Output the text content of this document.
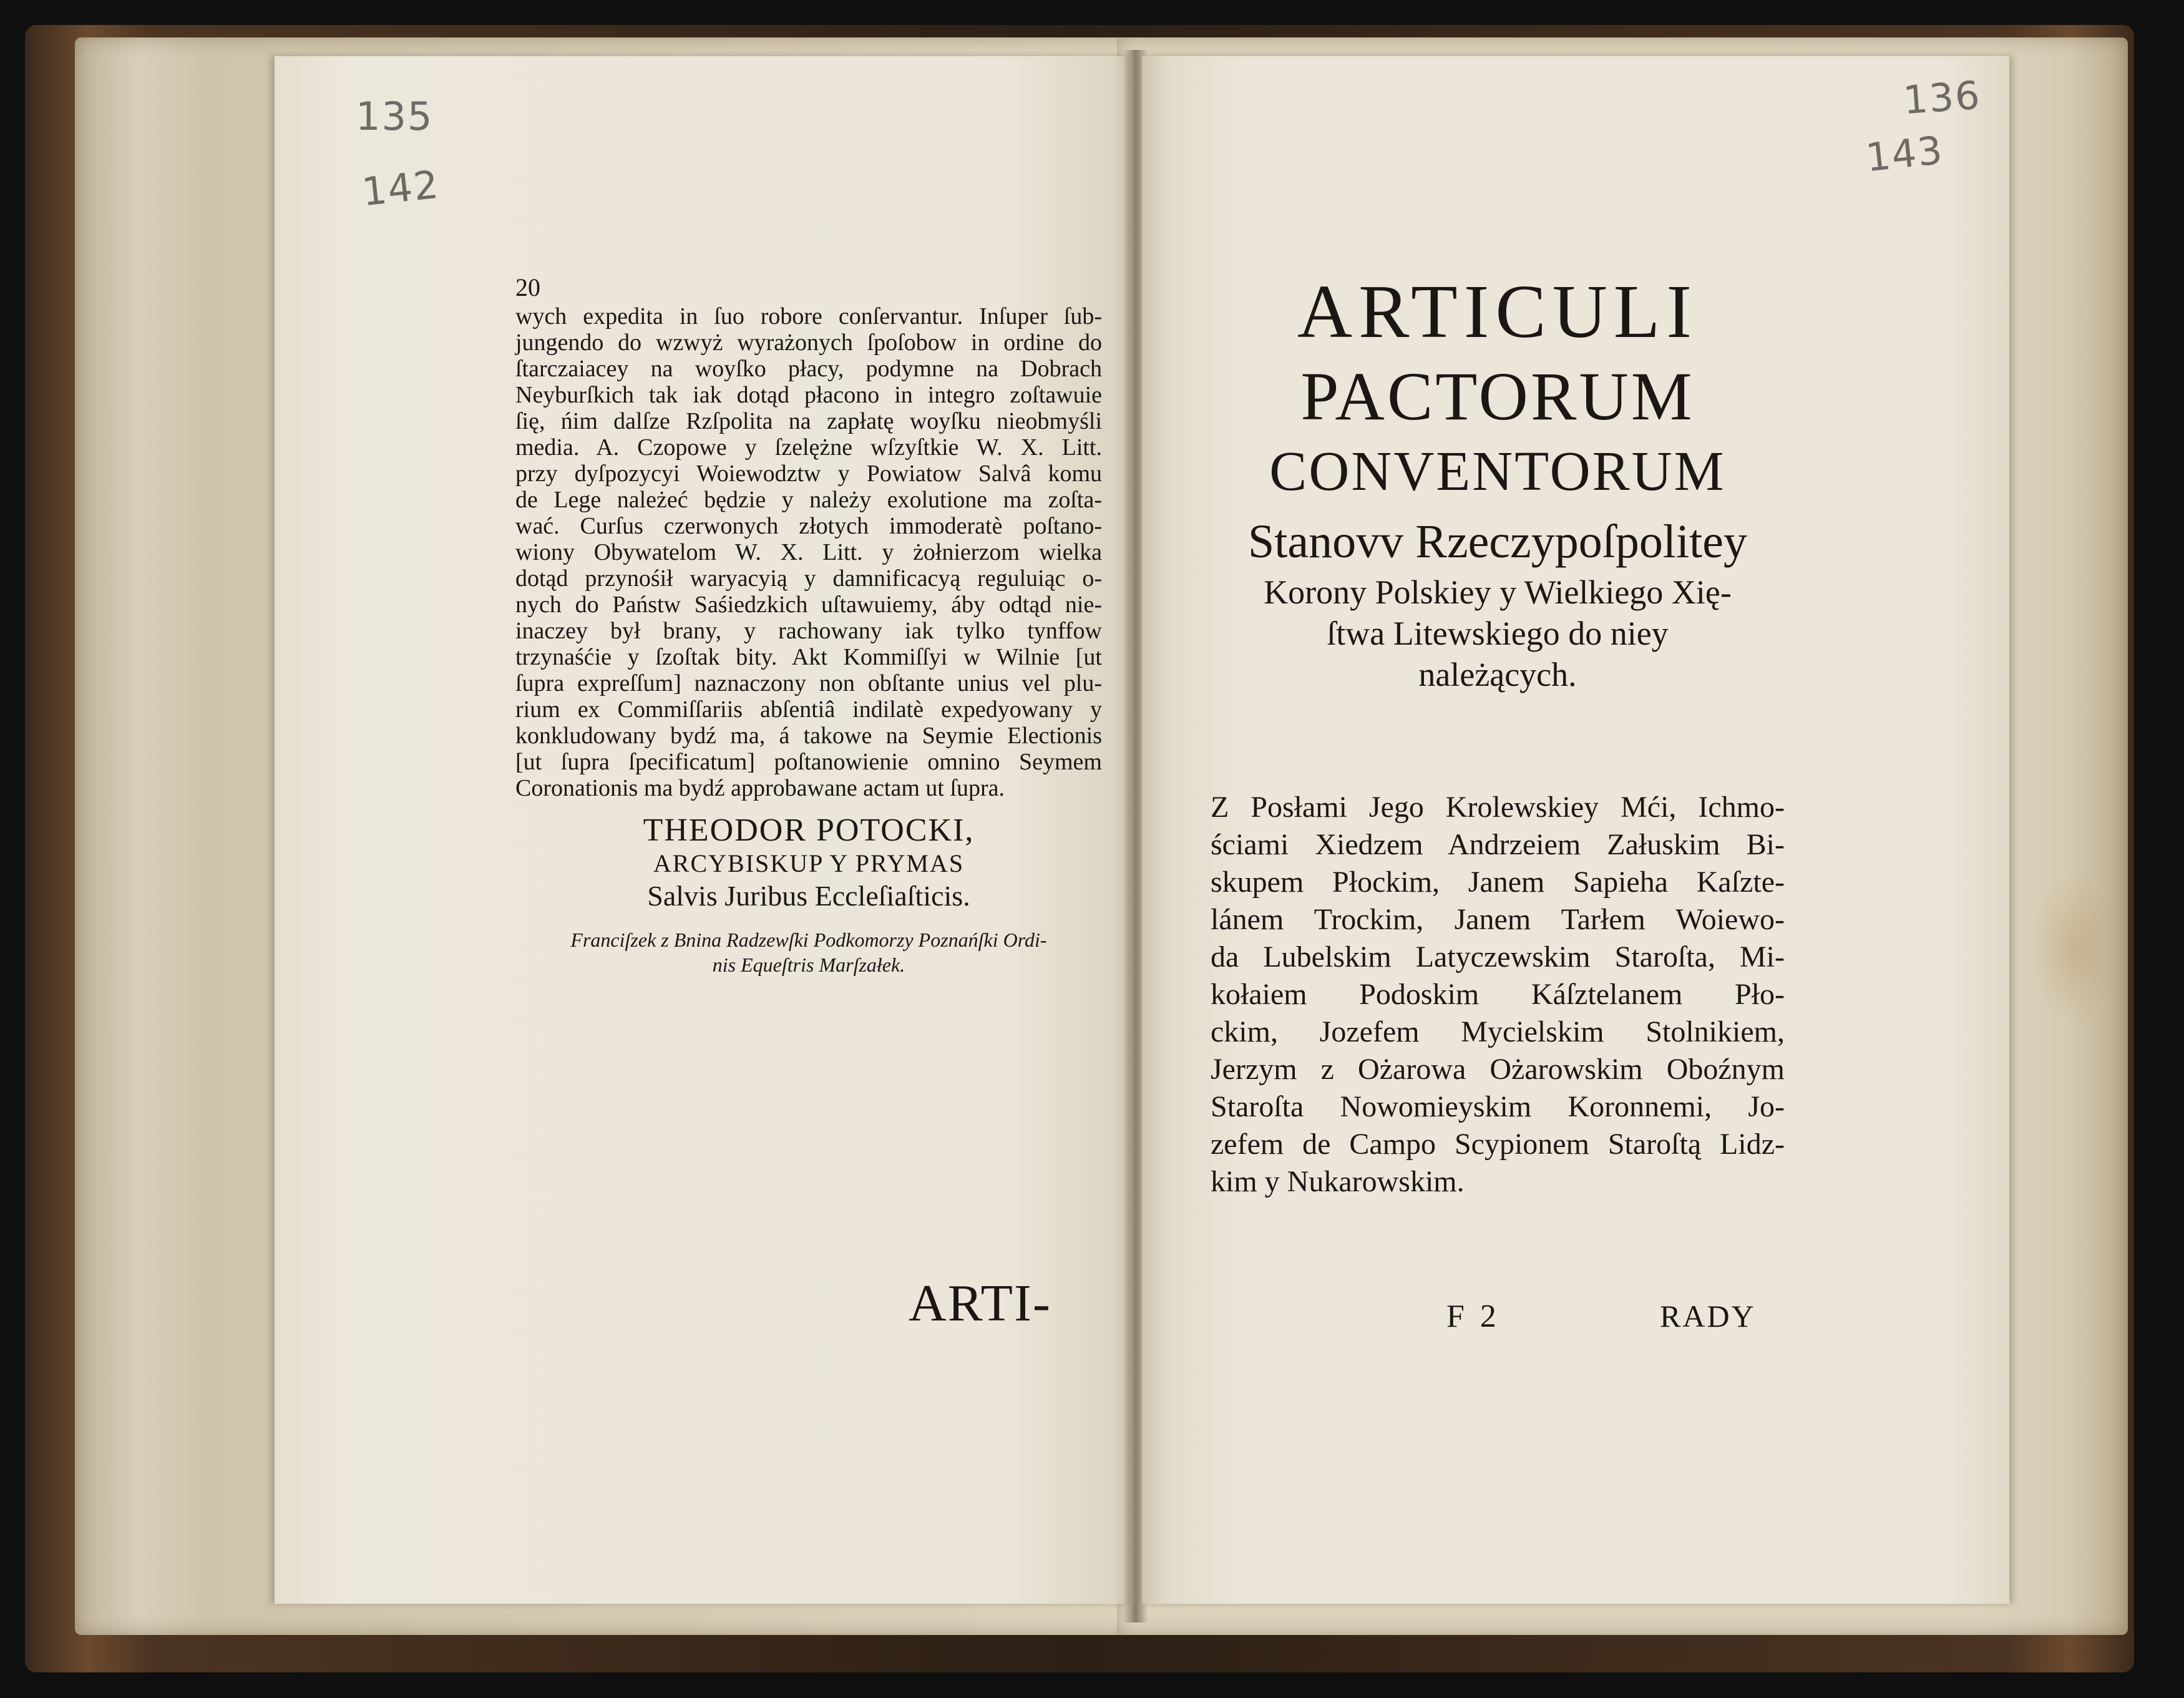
135
142
20
wych expedita in ſuo robore conſervantur. Inſuper ſub-
jungendo do wzwyż wyrażonych ſpoſobow in ordine do
ſtarczaiacey na woyſko płacy, podymne na Dobrach
Neyburſkich tak iak dotąd płacono in integro zoſtawuie
ſię, ńim dalſze Rzſpolita na zapłatę woyſku nieobmyśli
media. A. Czopowe y ſzelężne wſzyſtkie W. X. Litt.
przy dyſpozycyi Woiewodztw y Powiatow Salvâ komu
de Lege należeć będzie y należy exolutione ma zoſta-
wać. Curſus czerwonych złotych immoderatè poſtano-
wiony Obywatelom W. X. Litt. y żołnierzom wielka
dotąd przynośił waryacyią y damnificacyą reguluiąc o-
nych do Państw Saśiedzkich uſtawuiemy, áby odtąd nie-
inaczey był brany, y rachowany iak tylko tynffow
trzynaśćie y ſzoſtak bity. Akt Kommiſſyi w Wilnie [ut
ſupra expreſſum] naznaczony non obſtante unius vel plu-
rium ex Commiſſariis abſentiâ indilatè expedyowany y
konkludowany bydź ma, á takowe na Seymie Electionis
[ut ſupra ſpecificatum] poſtanowienie omnino Seymem
Coronationis ma bydź approbawane actam ut ſupra.
THEODOR POTOCKI,
ARCYBISKUP Y PRYMAS
Salvis Juribus Eccleſiaſticis.
Franciſzek z Bnina Radzewſki Podkomorzy Poznańſki Ordi-
nis Equeſtris Marſzałek.
ARTI-
136
143
ARTICULI
PACTORUM
CONVENTORUM
Stanovv Rzeczypoſpolitey
Korony Polskiey y Wielkiego Xię-
ſtwa Litewskiego do niey
należących.
Z Posłami Jego Krolewskiey Mći, Ichmo-
ściami Xiedzem Andrzeiem Załuskim Bi-
skupem Płockim, Janem Sapieha Kaſzte-
lánem Trockim, Janem Tarłem Woiewo-
da Lubelskim Latyczewskim Staroſta, Mi-
kołaiem Podoskim Káſztelanem Pło-
ckim, Jozefem Mycielskim Stolnikiem,
Jerzym z Ożarowa Ożarowskim Oboźnym
Staroſta Nowomieyskim Koronnemi, Jo-
zefem de Campo Scypionem Staroſtą Lidz-
kim y Nukarowskim.
F 2	RADY
